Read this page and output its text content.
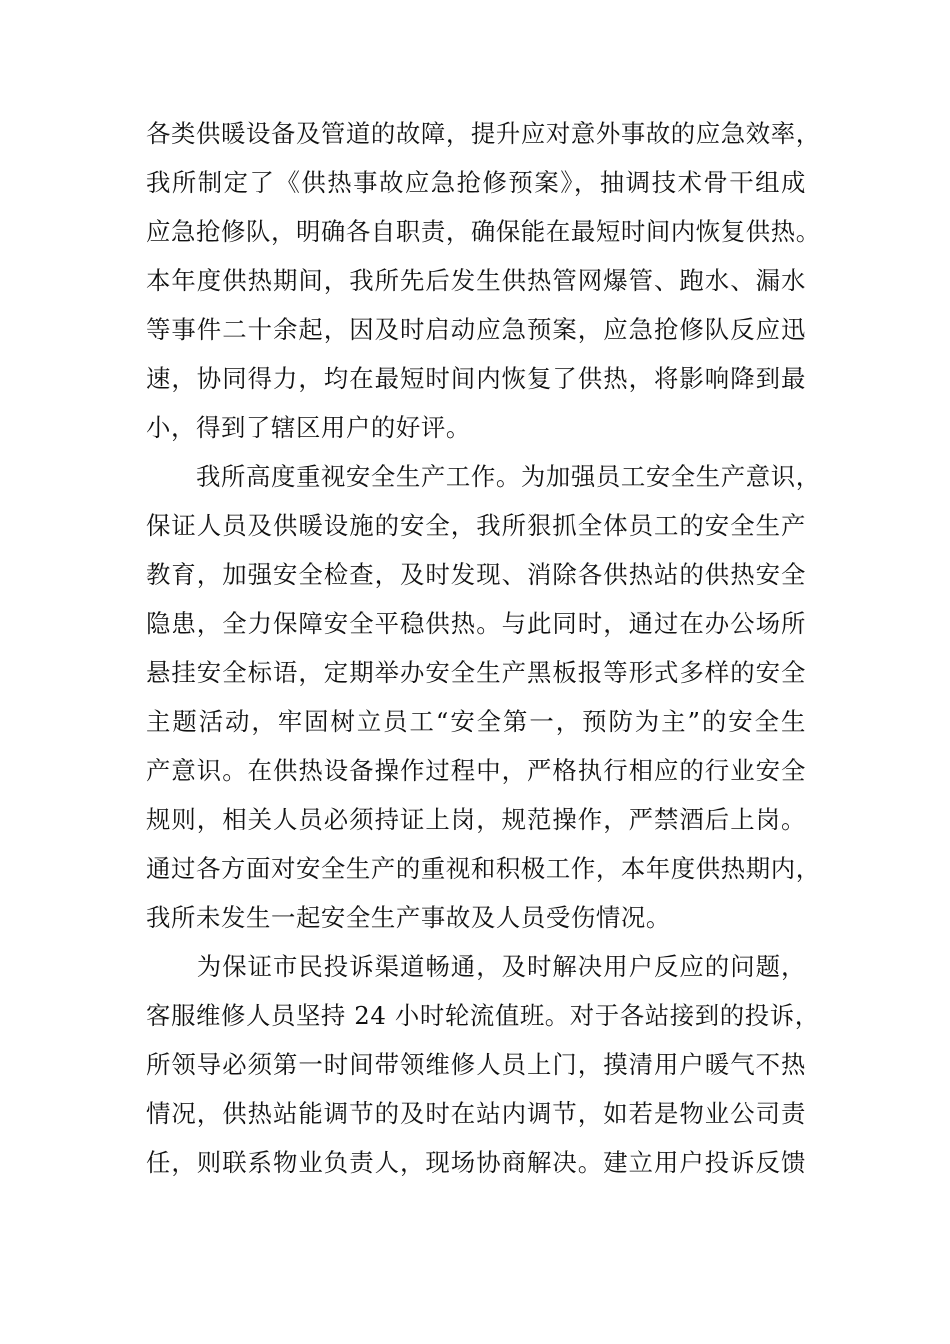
各类供暖设备及管道的故障，提升应对意外事故的应急效率，
我所制定了《供热事故应急抢修预案》，抽调技术骨干组成
应急抢修队，明确各自职责，确保能在最短时间内恢复供热。
本年度供热期间，我所先后发生供热管网爆管、跑水、漏水
等事件二十余起，因及时启动应急预案，应急抢修队反应迅
速，协同得力，均在最短时间内恢复了供热，将影响降到最
小，得到了辖区用户的好评。
　　我所高度重视安全生产工作。为加强员工安全生产意识，
保证人员及供暖设施的安全，我所狠抓全体员工的安全生产
教育，加强安全检查，及时发现、消除各供热站的供热安全
隐患，全力保障安全平稳供热。与此同时，通过在办公场所
悬挂安全标语，定期举办安全生产黑板报等形式多样的安全
主题活动，牢固树立员工“安全第一，预防为主”的安全生
产意识。在供热设备操作过程中，严格执行相应的行业安全
规则，相关人员必须持证上岗，规范操作，严禁酒后上岗。
通过各方面对安全生产的重视和积极工作，本年度供热期内，
我所未发生一起安全生产事故及人员受伤情况。
　　为保证市民投诉渠道畅通，及时解决用户反应的问题，
客服维修人员坚持 24 小时轮流值班。对于各站接到的投诉，
所领导必须第一时间带领维修人员上门，摸清用户暖气不热
情况，供热站能调节的及时在站内调节，如若是物业公司责
任，则联系物业负责人，现场协商解决。建立用户投诉反馈
